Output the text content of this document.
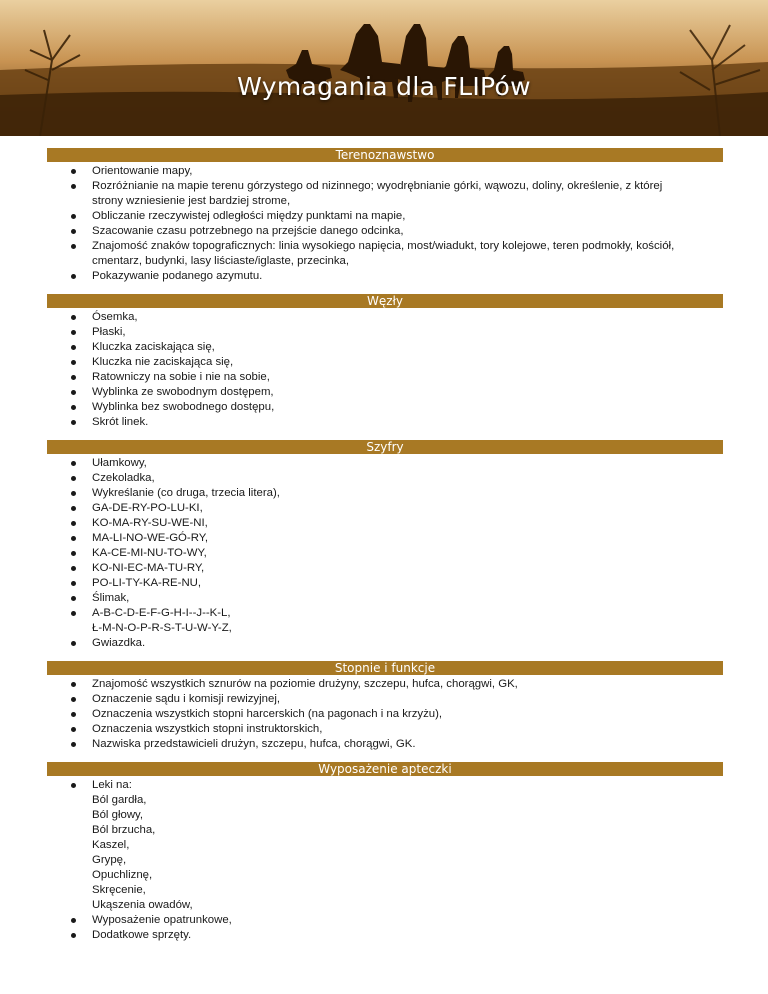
Wymagania dla FLIPów
Terenoznawstwo
Orientowanie mapy,
Rozróżnianie na mapie terenu górzystego od nizinnego; wyodrębnianie górki, wąwozu, doliny, określenie, z której
strony wzniesienie jest bardziej strome,
Obliczanie rzeczywistej odległości między punktami na mapie,
Szacowanie czasu potrzebnego na przejście danego odcinka,
Znajomość znaków topograficznych: linia wysokiego napięcia, most/wiadukt, tory kolejowe, teren podmokły, kościół,
cmentarz, budynki, lasy liściaste/iglaste, przecinka,
Pokazywanie podanego azymutu.
Węzły
Ósemka,
Płaski,
Kluczka zaciskająca się,
Kluczka nie zaciskająca się,
Ratowniczy na sobie i nie na sobie,
Wyblinka ze swobodnym dostępem,
Wyblinka bez swobodnego dostępu,
Skrót linek.
Szyfry
Ułamkowy,
Czekoladka,
Wykreślanie (co druga, trzecia litera),
GA-DE-RY-PO-LU-KI,
KO-MA-RY-SU-WE-NI,
MA-LI-NO-WE-GÓ-RY,
KA-CE-MI-NU-TO-WY,
KO-NI-EC-MA-TU-RY,
PO-LI-TY-KA-RE-NU,
Ślimak,
A-B-C-D-E-F-G-H-I--J--K-L,
Ł-M-N-O-P-R-S-T-U-W-Y-Z,
Gwiazdka.
Stopnie i funkcje
Znajomość wszystkich sznurów na poziomie drużyny, szczepu, hufca, chorągwi, GK,
Oznaczenie sądu i komisji rewizyjnej,
Oznaczenia wszystkich stopni harcerskich (na pagonach i na krzyżu),
Oznaczenia wszystkich stopni instruktorskich,
Nazwiska przedstawicieli drużyn, szczepu, hufca, chorągwi, GK.
Wyposażenie apteczki
Leki na:
Ból gardła,
Ból głowy,
Ból brzucha,
Kaszel,
Grypę,
Opuchliznę,
Skręcenie,
Ukąszenia owadów,
Wyposażenie opatrunkowe,
Dodatkowe sprzęty.
